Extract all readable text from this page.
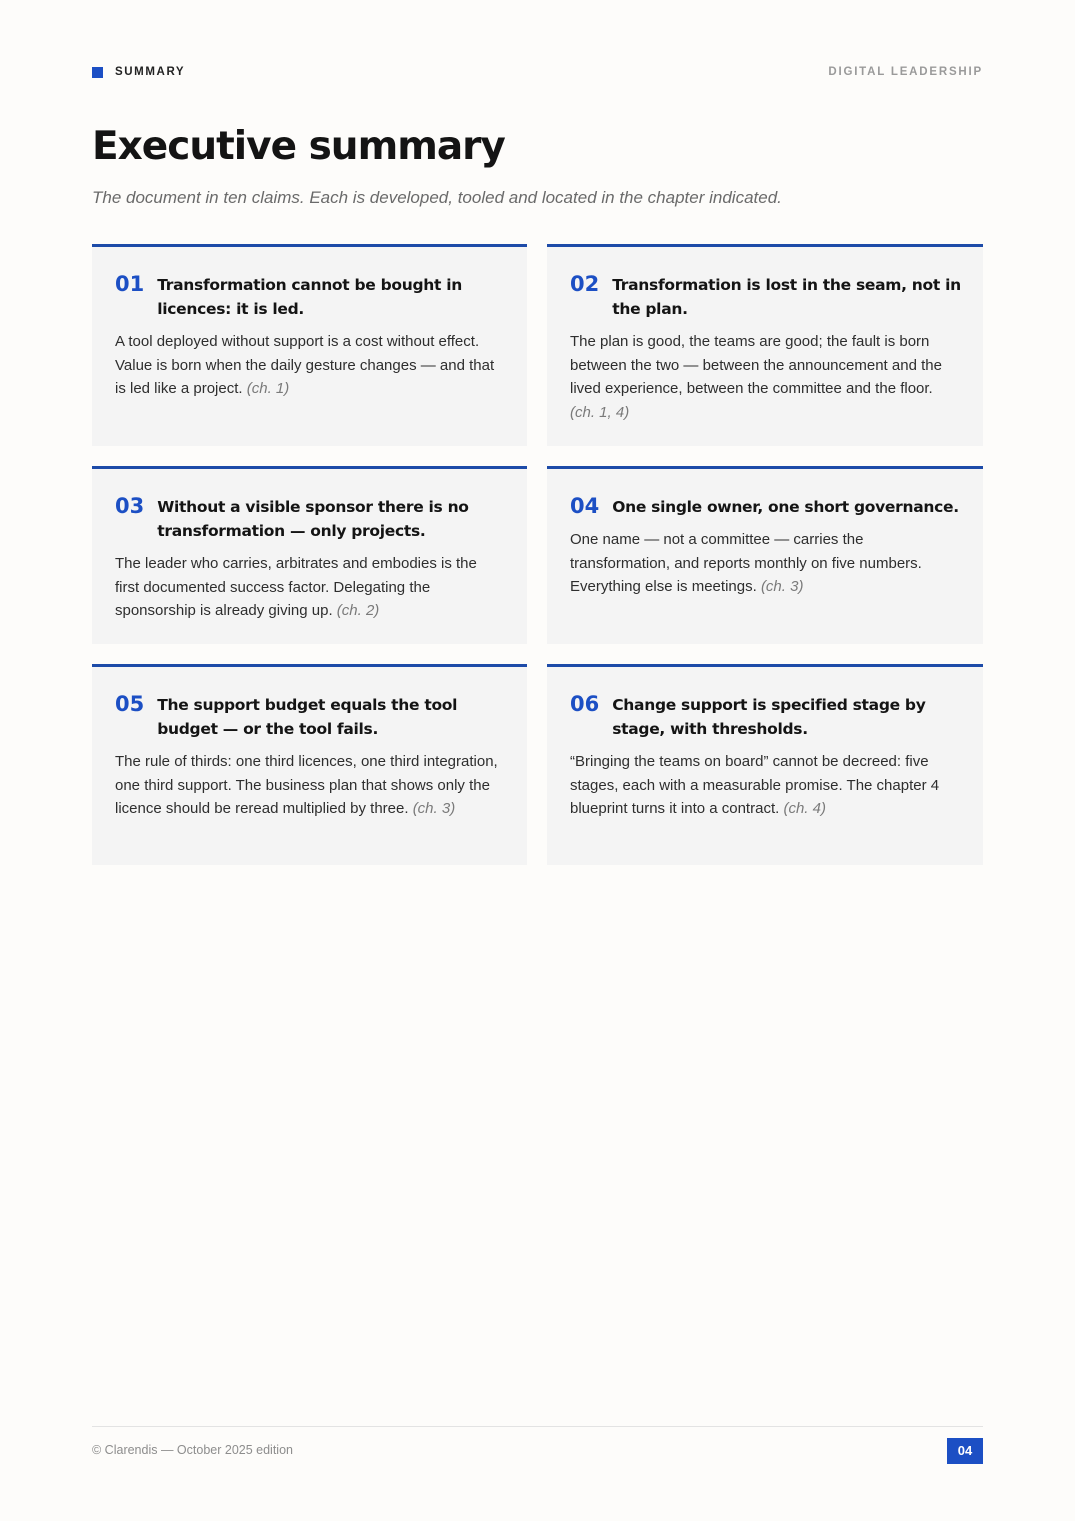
SUMMARY	DIGITAL LEADERSHIP
Executive summary

The document in ten claims. Each is developed, tooled and located in the chapter indicated.

01 Transformation cannot be bought in licences: it is led.
A tool deployed without support is a cost without effect. Value is born when the daily gesture changes — and that is led like a project. (ch. 1)
02 Transformation is lost in the seam, not in the plan.
The plan is good, the teams are good; the fault is born between the two — between the announcement and the lived experience, between the committee and the floor. (ch. 1, 4)
03 Without a visible sponsor there is no transformation — only projects.
The leader who carries, arbitrates and embodies is the first documented success factor. Delegating the sponsorship is already giving up. (ch. 2)
04 One single owner, one short governance.
One name — not a committee — carries the transformation, and reports monthly on five numbers. Everything else is meetings. (ch. 3)
05 The support budget equals the tool budget — or the tool fails.
The rule of thirds: one third licences, one third integration, one third support. The business plan that shows only the licence should be reread multiplied by three. (ch. 3)
06 Change support is specified stage by stage, with thresholds.
“Bringing the teams on board” cannot be decreed: five stages, each with a measurable promise. The chapter 4 blueprint turns it into a contract. (ch. 4)
© Clarendis — October 2025 edition	04
